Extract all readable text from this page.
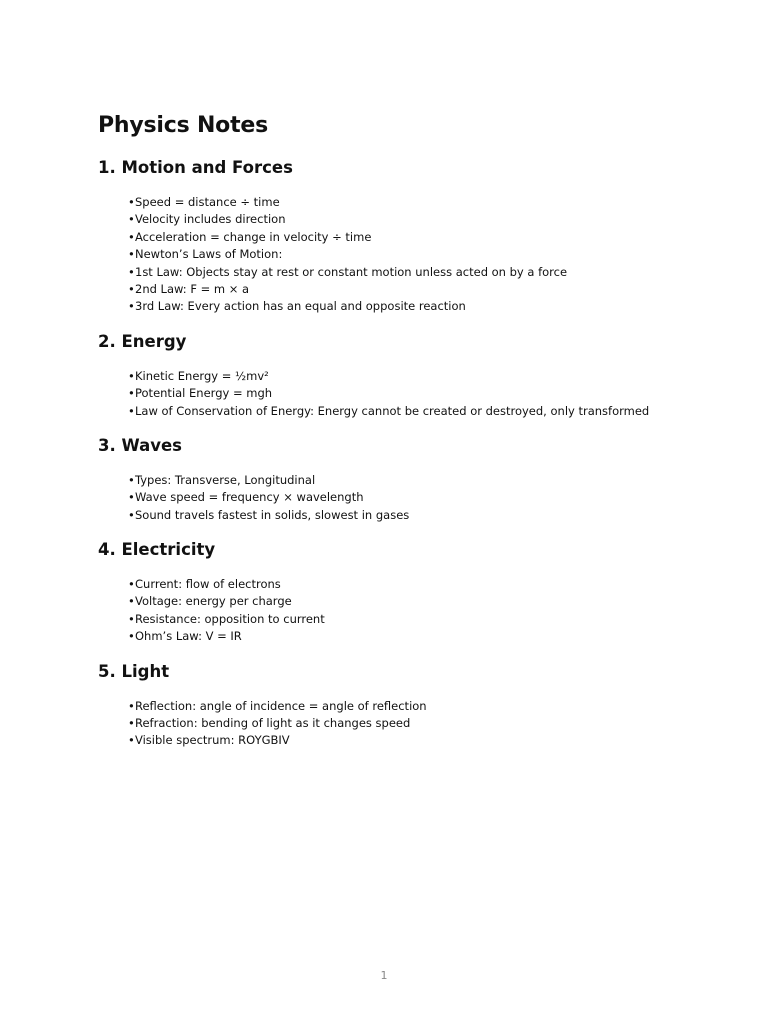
Physics Notes
1. Motion and Forces
•Speed = distance ÷ time
•Velocity includes direction
•Acceleration = change in velocity ÷ time
•Newton’s Laws of Motion:
•1st Law: Objects stay at rest or constant motion unless acted on by a force
•2nd Law: F = m × a
•3rd Law: Every action has an equal and opposite reaction
2. Energy
•Kinetic Energy = ½mv²
•Potential Energy = mgh
•Law of Conservation of Energy: Energy cannot be created or destroyed, only transformed
3. Waves
•Types: Transverse, Longitudinal
•Wave speed = frequency × wavelength
•Sound travels fastest in solids, slowest in gases
4. Electricity
•Current: flow of electrons
•Voltage: energy per charge
•Resistance: opposition to current
•Ohm’s Law: V = IR
5. Light
•Reflection: angle of incidence = angle of reflection
•Refraction: bending of light as it changes speed
•Visible spectrum: ROYGBIV
1
